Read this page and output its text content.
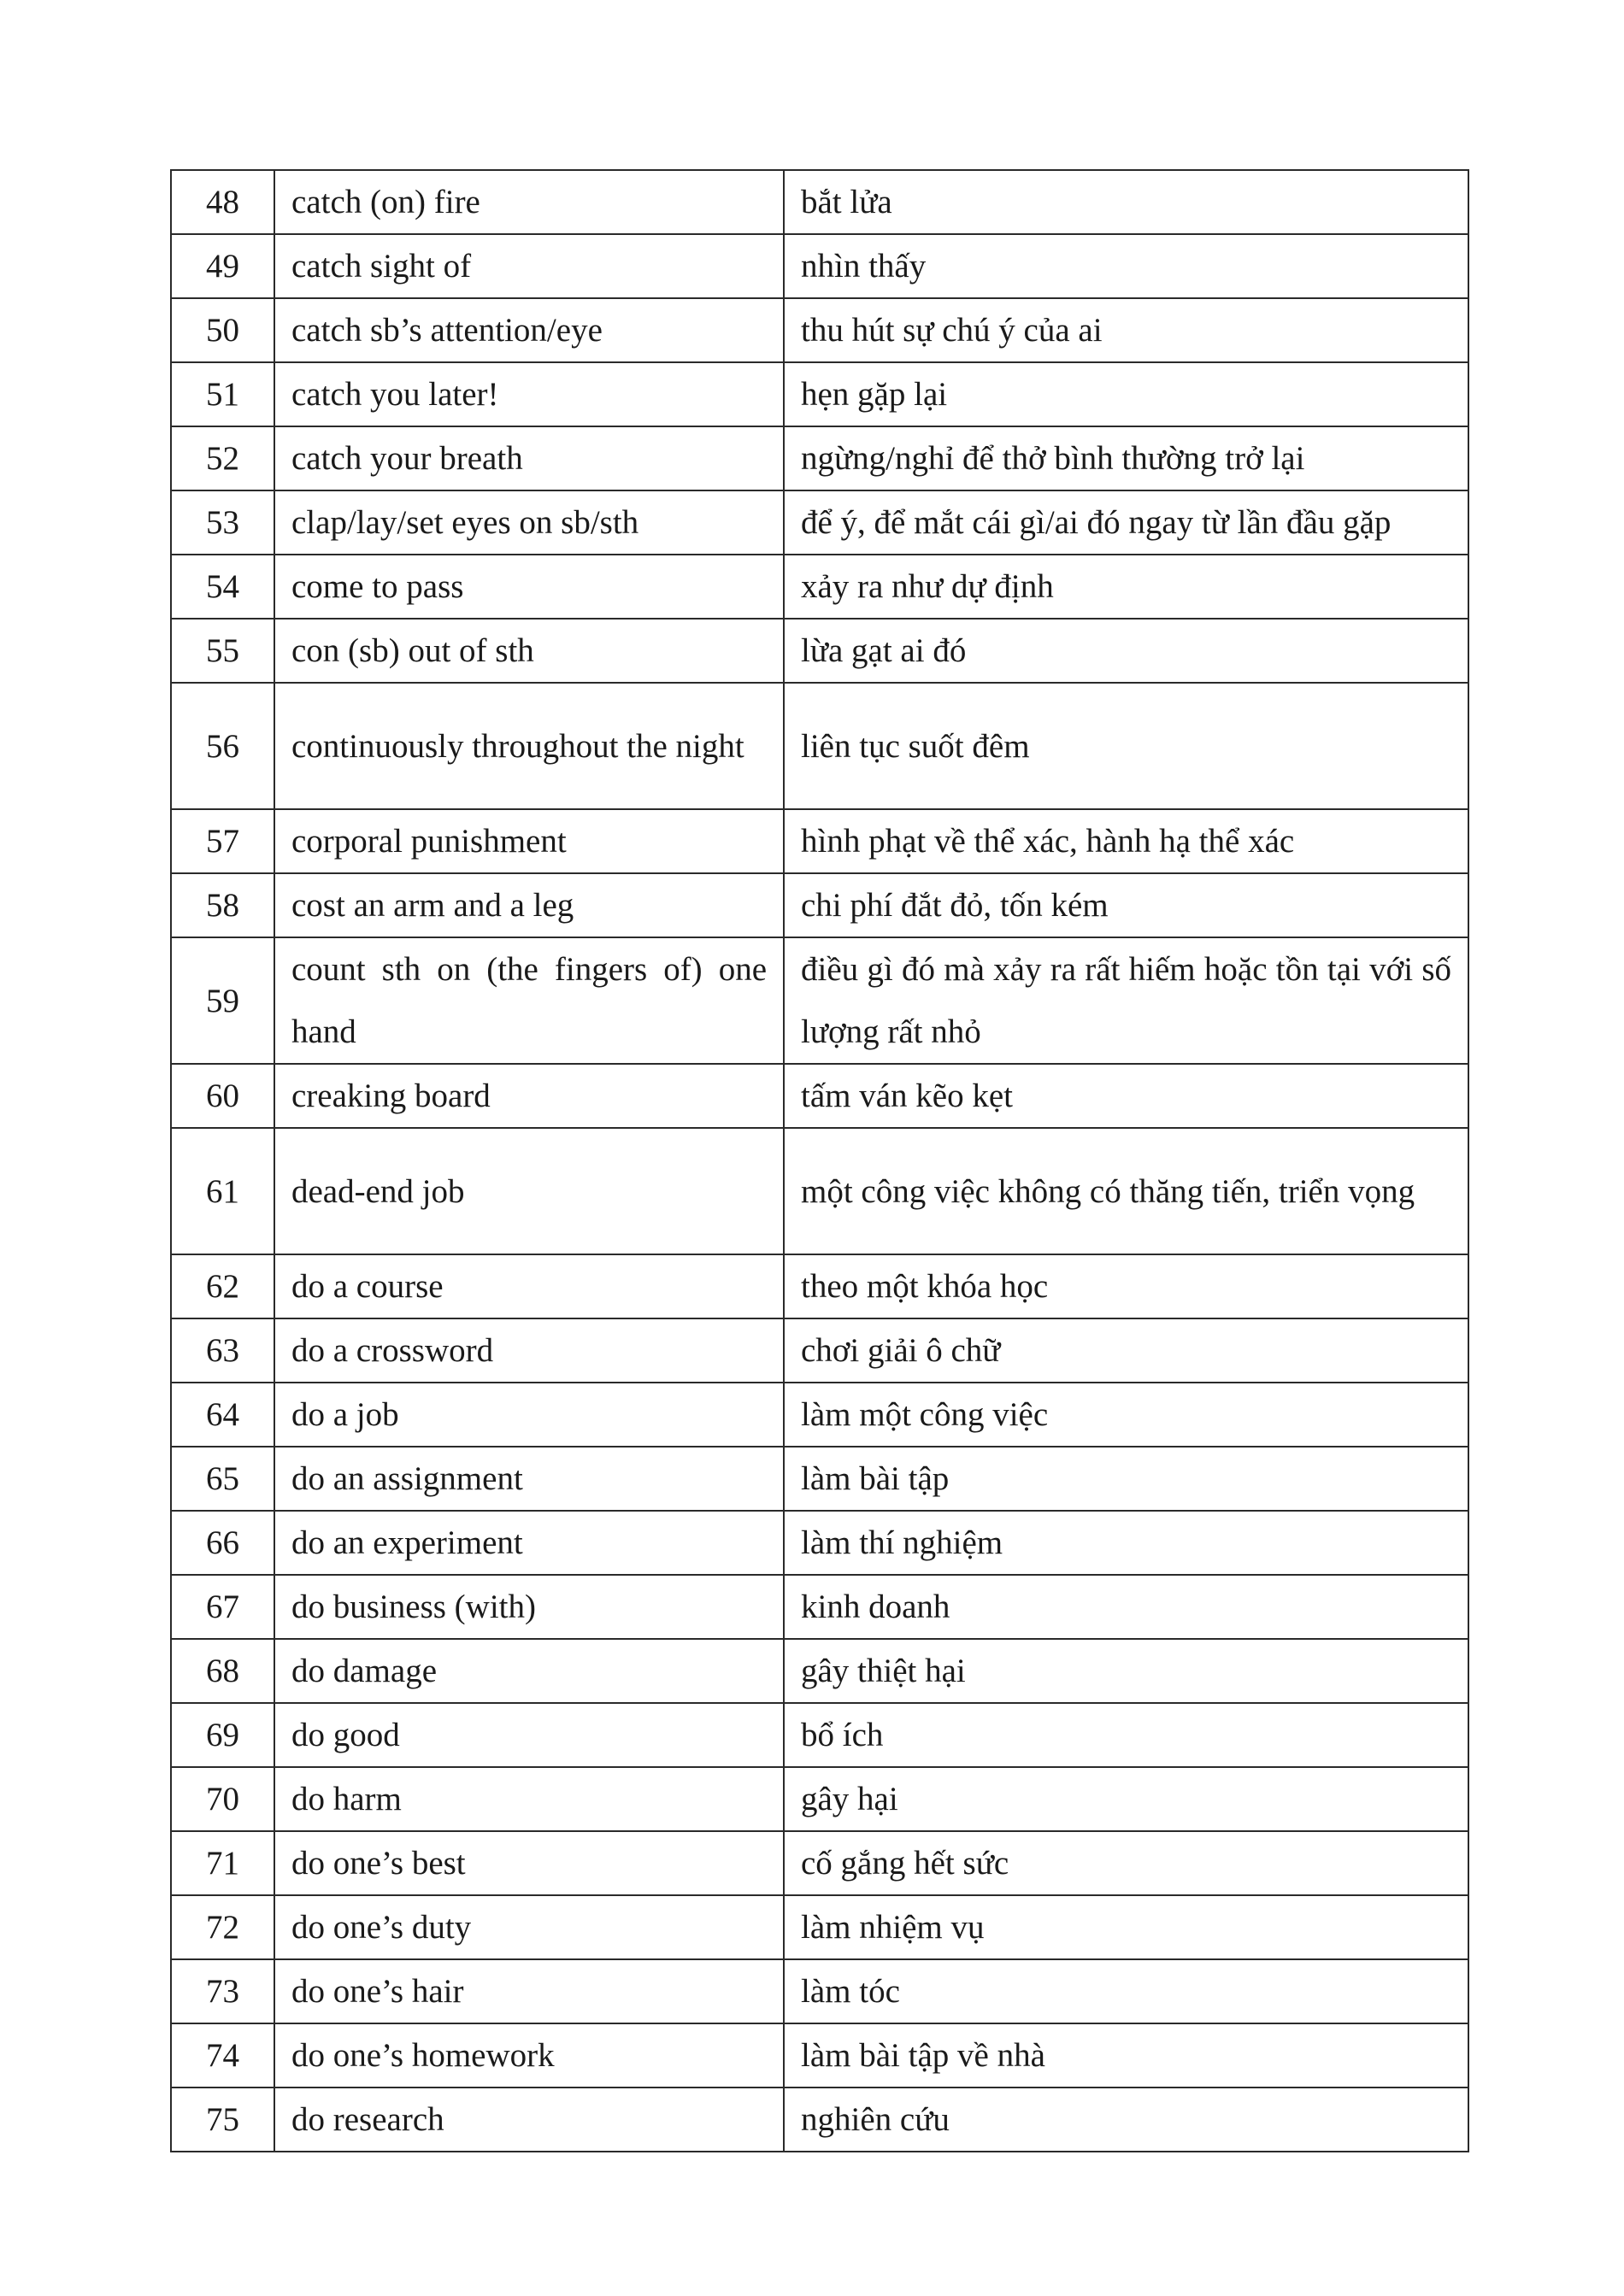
48	catch (on) fire	bắt lửa
49	catch sight of	nhìn thấy
50	catch sb’s attention/eye	thu hút sự chú ý của ai
51	catch you later!	hẹn gặp lại
52	catch your breath	ngừng/nghỉ để thở bình thường trở lại
53	clap/lay/set eyes on sb/sth	để ý, để mắt cái gì/ai đó ngay từ lần đầu gặp
54	come to pass	xảy ra như dự định
55	con (sb) out of sth	lừa gạt ai đó
56	continuously throughout the night	liên tục suốt đêm
57	corporal punishment	hình phạt về thể xác, hành hạ thể xác
58	cost an arm and a leg	chi phí đắt đỏ, tốn kém
59	count sth on (the fingers of) one hand	điều gì đó mà xảy ra rất hiếm hoặc tồn tại với số lượng rất nhỏ
60	creaking board	tấm ván kẽo kẹt
61	dead-end job	một công việc không có thăng tiến, triển vọng
62	do a course	theo một khóa học
63	do a crossword	chơi giải ô chữ
64	do a job	làm một công việc
65	do an assignment	làm bài tập
66	do an experiment	làm thí nghiệm
67	do business (with)	kinh doanh
68	do damage	gây thiệt hại
69	do good	bổ ích
70	do harm	gây hại
71	do one’s best	cố gắng hết sức
72	do one’s duty	làm nhiệm vụ
73	do one’s hair	làm tóc
74	do one’s homework	làm bài tập về nhà
75	do research	nghiên cứu
